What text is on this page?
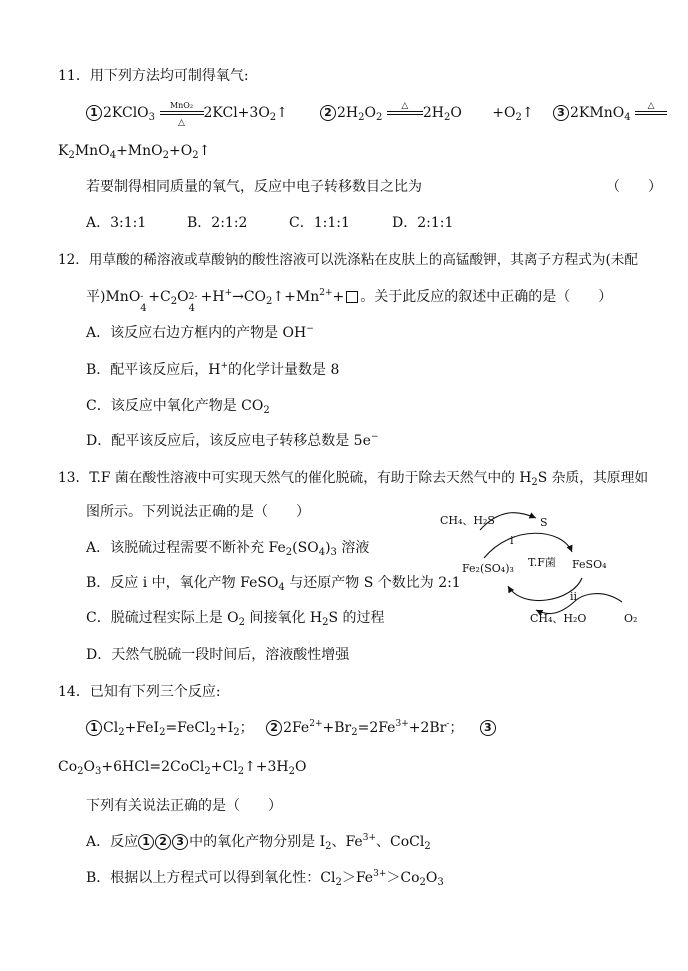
11．用下列方法均可制得氧气:
1 2KClO$_3$
MnO₂
△
$2KCl+3O_2↑$	2 $2H_2O_2$
△	$2H_2O$ $+O_2↑$	3 2KMnO$_4$
△
$K_2MnO_4+MnO_2+O_2↑$
若要制得相同质量的氧气，反应中电子转移数目之比为	（　　）
A．3:1:1	B．2:1:2	C．1:1:1	D．2:1:1
12．用草酸的稀溶液或草酸钠的酸性溶液可以洗涤粘在皮肤上的高锰酸钾，其离子方程式为(未配
平)MnO -
4
$+C_2O$ 2-
4
$+H^+\to CO_2↑+Mn^{2+}+$ 。关于此反应的叙述中正确的是（　　）
A．该反应右边方框内的产物是 OH−
B．配平该反应后，H+的化学计量数是 8
C．该反应中氧化产物是 $CO_2$
D．配平该反应后，该反应电子转移总数是 5e−
13．T.F 菌在酸性溶液中可实现天然气的催化脱硫，有助于除去天然气中的 $H_2S$ 杂质，其原理如
图所示。下列说法正确的是（　　）
A．该脱硫过程需要不断补充 $Fe_2(SO_4)_3$ 溶液
B．反应 i 中，氧化产物 FeSO$_4$ 与还原产物 S 个数比为 2:1
C．脱硫过程实际上是 $O_2$ 间接氧化 $H_2S$ 的过程
D．天然气脱硫一段时间后，溶液酸性增强
CH₄、H₂S	S
i
Fe₂(SO₄)₃ T.F菌 FeSO₄
ii
CH₄、H₂O	O₂
14．已知有下列三个反应:
1 $Cl_2+FeI_2=FeCl_2+I_2$； 2 $2Fe^{2+}+Br_2=2Fe^{3+}+2Br^-$； 3
$Co_2O_3+6HCl=2CoCl_2+Cl_2↑+3H_2O$
下列有关说法正确的是（　　）
A．反应 1 2 3 中的氧化产物分别是 $I_2$、$Fe^{3+}$、CoCl$_2$
B．根据以上方程式可以得到氧化性：$Cl_2>Fe^{3+}>Co_2O_3$
